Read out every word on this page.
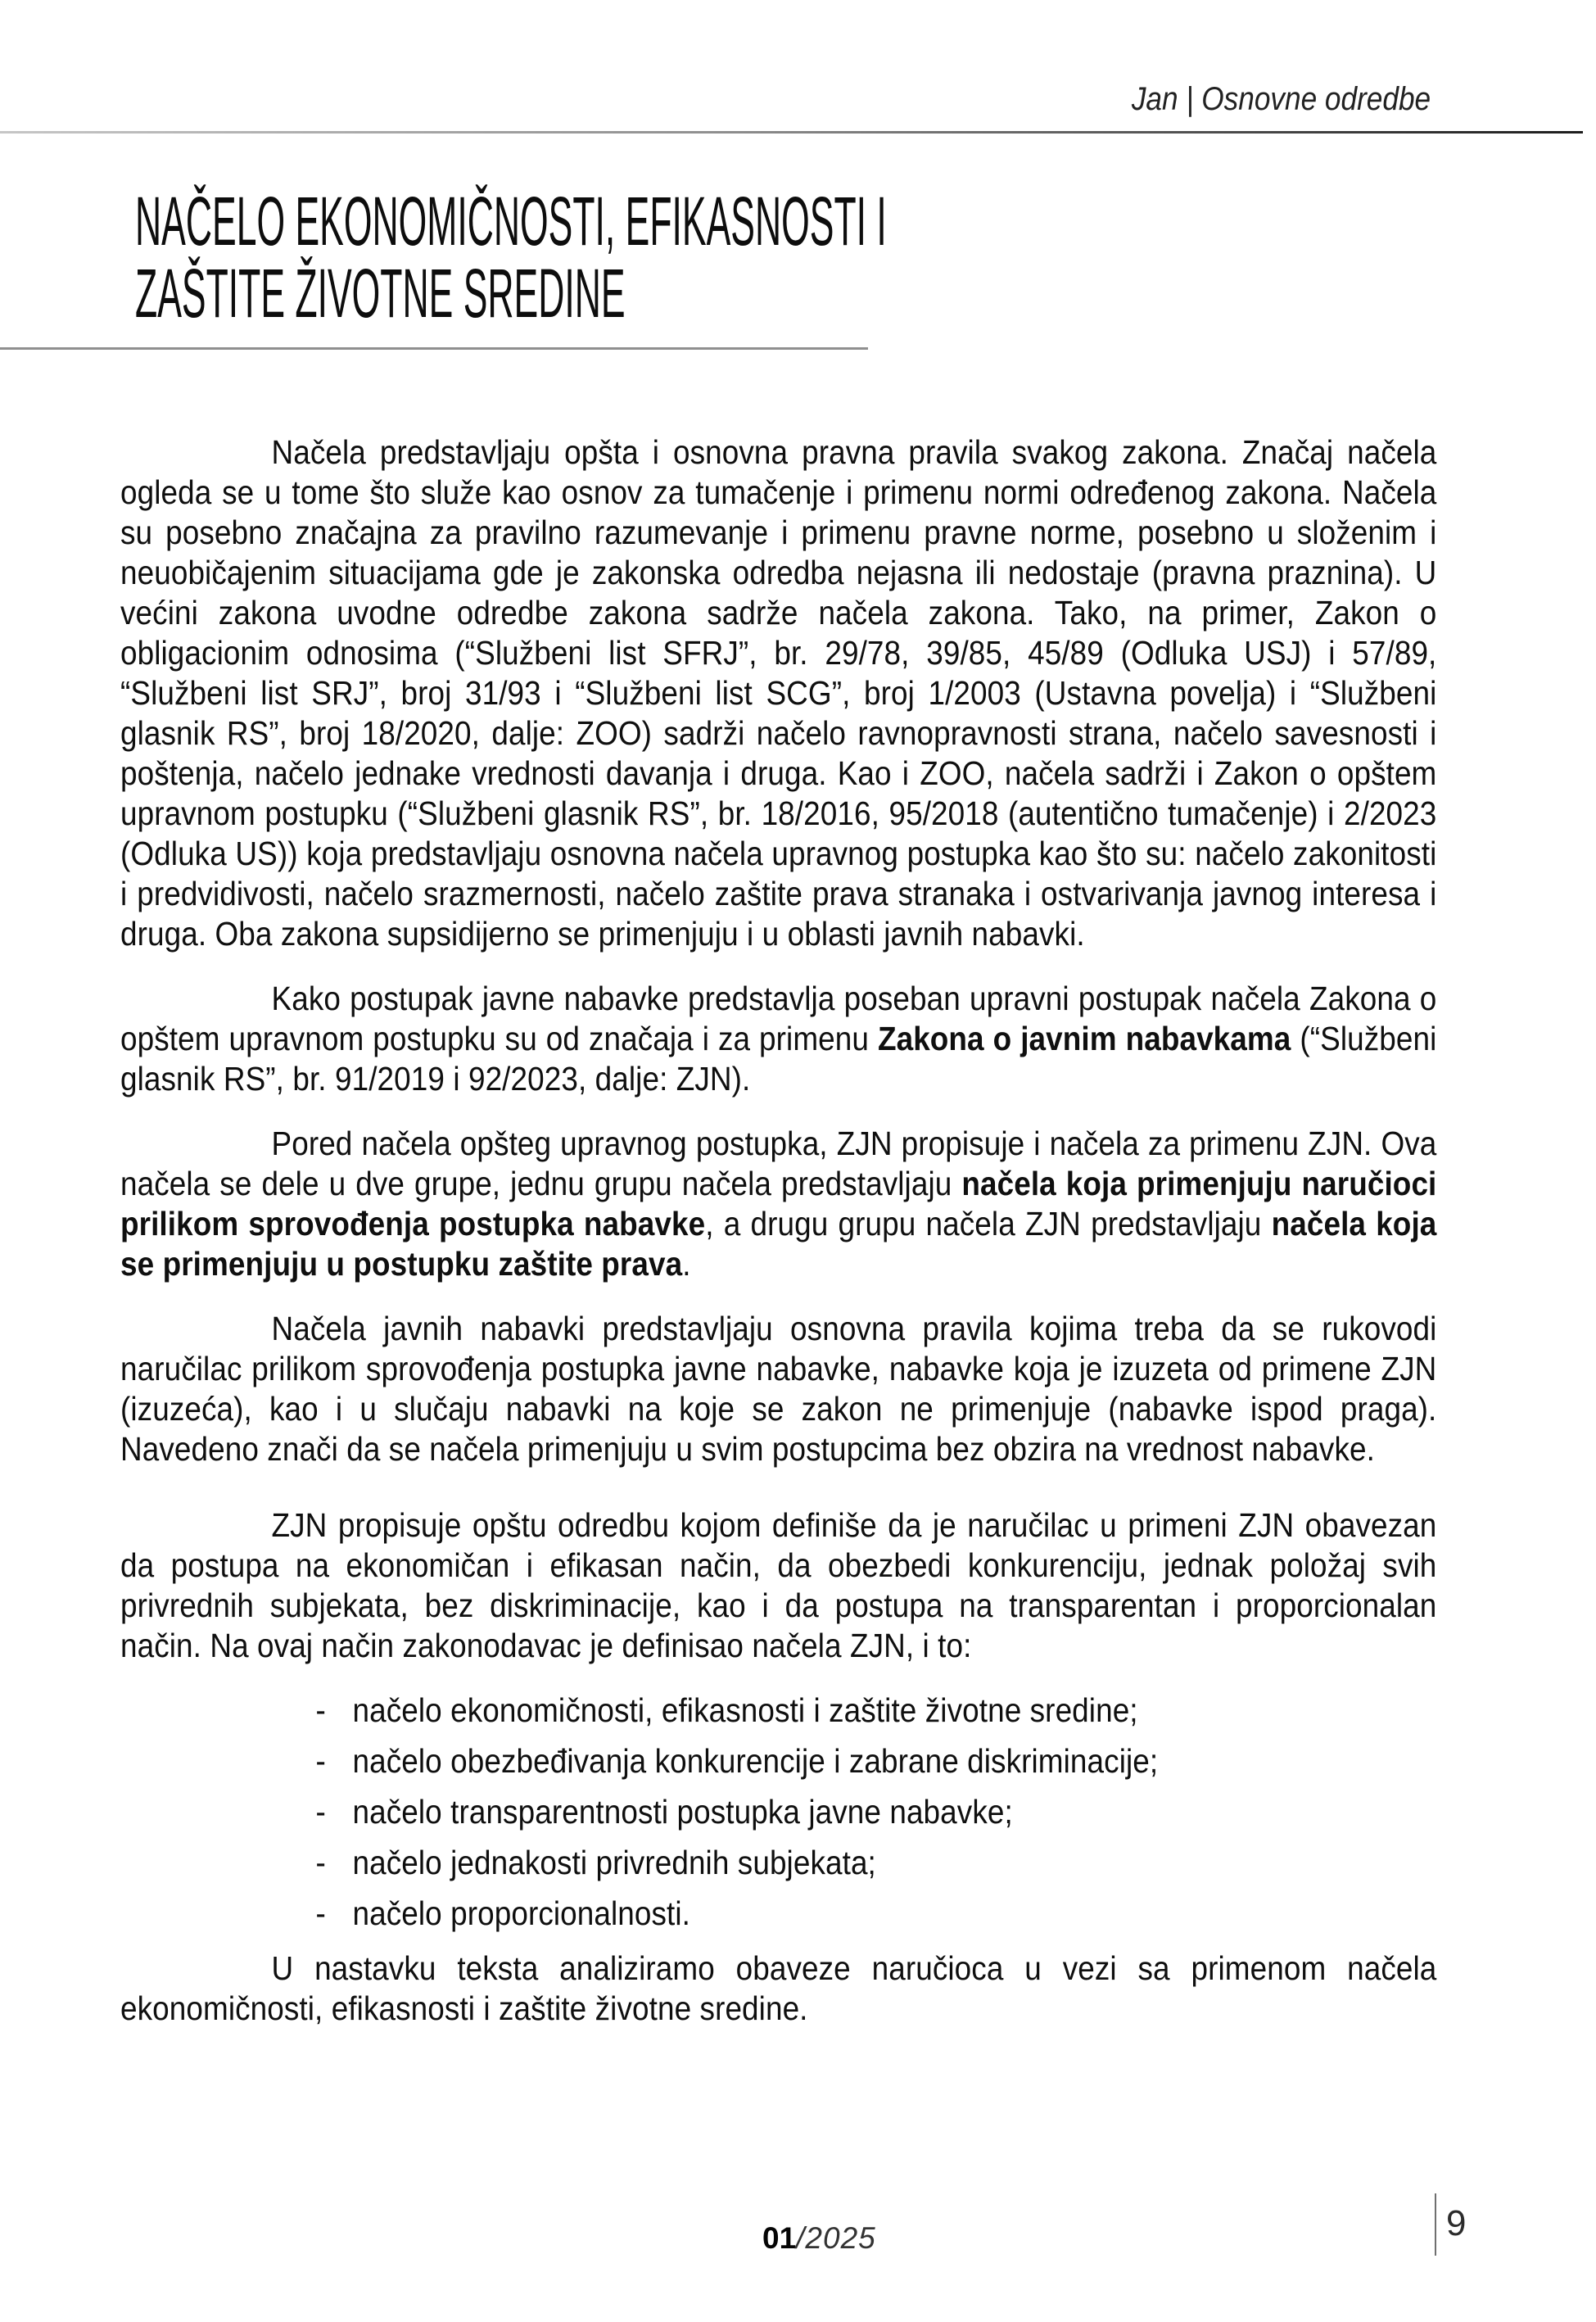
Jan | Osnovne odredbe
NAČELO EKONOMIČNOSTI, EFIKASNOSTI I
ZAŠTITE ŽIVOTNE SREDINE

Načela predstavljaju opšta i osnovna pravna pravila svakog zakona. Značaj načela ogleda se u tome što služe kao osnov za tumačenje i primenu normi određenog zakona. Načela su posebno značajna za pravilno razumevanje i primenu pravne norme, posebno u složenim i neuobičajenim situacijama gde je zakonska odredba nejasna ili nedostaje (pravna praznina). U većini zakona uvodne odredbe zakona sadrže načela zakona. Tako, na primer, Zakon o obligacionim odnosima (“Službeni list SFRJ”, br. 29/78, 39/85, 45/89 (Odluka USJ) i 57/89, “Službeni list SRJ”, broj 31/93 i “Službeni list SCG”, broj 1/2003 (Ustavna povelja) i “Službeni glasnik RS”, broj 18/2020, dalje: ZOO) sadrži načelo ravnopravnosti strana, načelo savesnosti i poštenja, načelo jednake vrednosti davanja i druga. Kao i ZOO, načela sadrži i Zakon o opštem upravnom postupku (“Službeni glasnik RS”, br. 18/2016, 95/2018 (autentično tumačenje) i 2/2023 (Odluka US)) koja predstavljaju osnovna načela upravnog postupka kao što su: načelo zakonitosti i predvidivosti, načelo srazmernosti, načelo zaštite prava stranaka i ostvarivanja javnog interesa i druga. Oba zakona supsidijerno se primenjuju i u oblasti javnih nabavki.

Kako postupak javne nabavke predstavlja poseban upravni postupak načela Zakona o opštem upravnom postupku su od značaja i za primenu Zakona o javnim nabavkama (“Službeni glasnik RS”, br. 91/2019 i 92/2023, dalje: ZJN).

Pored načela opšteg upravnog postupka, ZJN propisuje i načela za primenu ZJN. Ova načela se dele u dve grupe, jednu grupu načela predstavljaju načela koja primenjuju naručioci prilikom sprovođenja postupka nabavke, a drugu grupu načela ZJN predstavljaju načela koja se primenjuju u postupku zaštite prava.

Načela javnih nabavki predstavljaju osnovna pravila kojima treba da se rukovodi naručilac prilikom sprovođenja postupka javne nabavke, nabavke koja je izuzeta od primene ZJN (izuzeća), kao i u slučaju nabavki na koje se zakon ne primenjuje (nabavke ispod praga). Navedeno znači da se načela primenjuju u svim postupcima bez obzira na vrednost nabavke.

ZJN propisuje opštu odredbu kojom definiše da je naručilac u primeni ZJN obavezan da postupa na ekonomičan i efikasan način, da obezbedi konkurenciju, jednak položaj svih privrednih subjekata, bez diskriminacije, kao i da postupa na transparentan i proporcionalan način. Na ovaj način zakonodavac je definisao načela ZJN, i to:

- načelo ekonomičnosti, efikasnosti i zaštite životne sredine;
- načelo obezbeđivanja konkurencije i zabrane diskriminacije;
- načelo transparentnosti postupka javne nabavke;
- načelo jednakosti privrednih subjekata;
- načelo proporcionalnosti.

U nastavku teksta analiziramo obaveze naručioca u vezi sa primenom načela ekonomičnosti, efikasnosti i zaštite životne sredine.

01/2025	9
